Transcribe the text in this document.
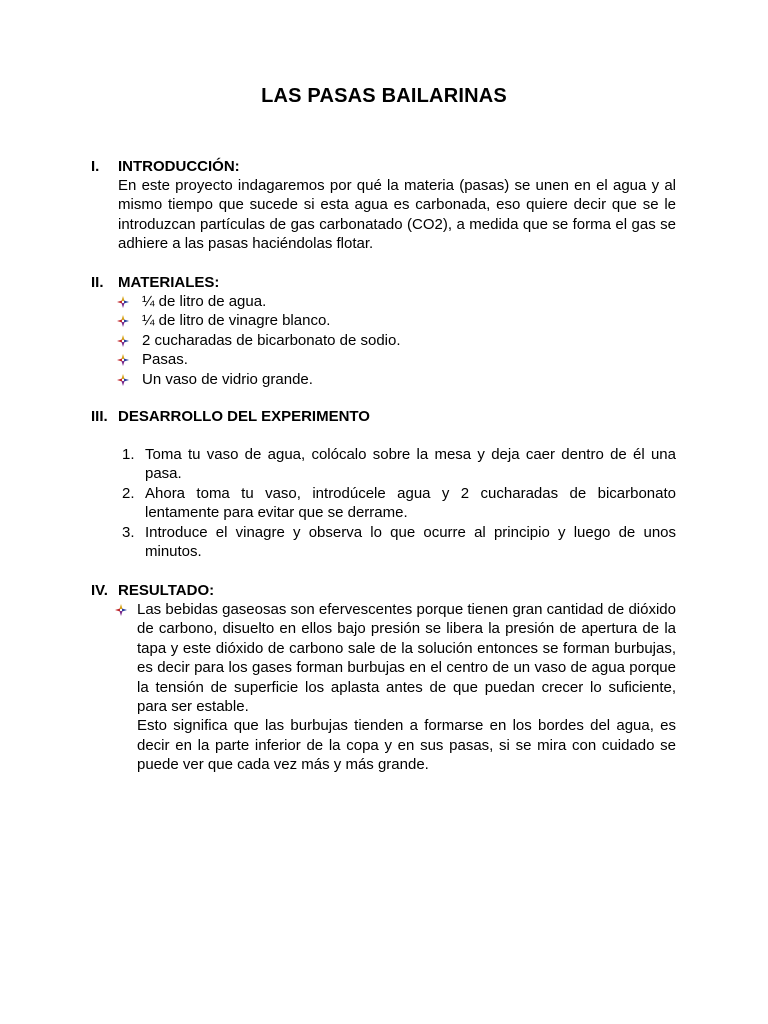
LAS PASAS BAILARINAS
I. INTRODUCCIÓN:
En este proyecto indagaremos por qué la materia (pasas) se unen en el agua y al mismo tiempo que sucede si esta agua es carbonada, eso quiere decir que se le introduzcan partículas de gas carbonatado (CO2), a medida que se forma el gas se adhiere a las pasas haciéndolas flotar.
II. MATERIALES:
¼ de litro de agua.
¼ de litro de vinagre blanco.
2 cucharadas de bicarbonato de sodio.
Pasas.
Un vaso de vidrio grande.
III. DESARROLLO DEL EXPERIMENTO
1. Toma tu vaso de agua, colócalo sobre la mesa y deja caer dentro de él una pasa.
2. Ahora toma tu vaso, introdúcele agua y 2 cucharadas de bicarbonato lentamente para evitar que se derrame.
3. Introduce el vinagre y observa lo que ocurre al principio y luego de unos minutos.
IV. RESULTADO:

Las bebidas gaseosas son efervescentes porque tienen gran cantidad de dióxido de carbono, disuelto en ellos bajo presión se libera la presión de apertura de la tapa y este dióxido de carbono sale de la solución entonces se forman burbujas, es decir para los gases forman burbujas en el centro de un vaso de agua porque la tensión de superficie los aplasta antes de que puedan crecer lo suficiente, para ser estable.

Esto significa que las burbujas tienden a formarse en los bordes del agua, es decir en la parte inferior de la copa y en sus pasas, si se mira con cuidado se puede ver que cada vez más y más grande.
